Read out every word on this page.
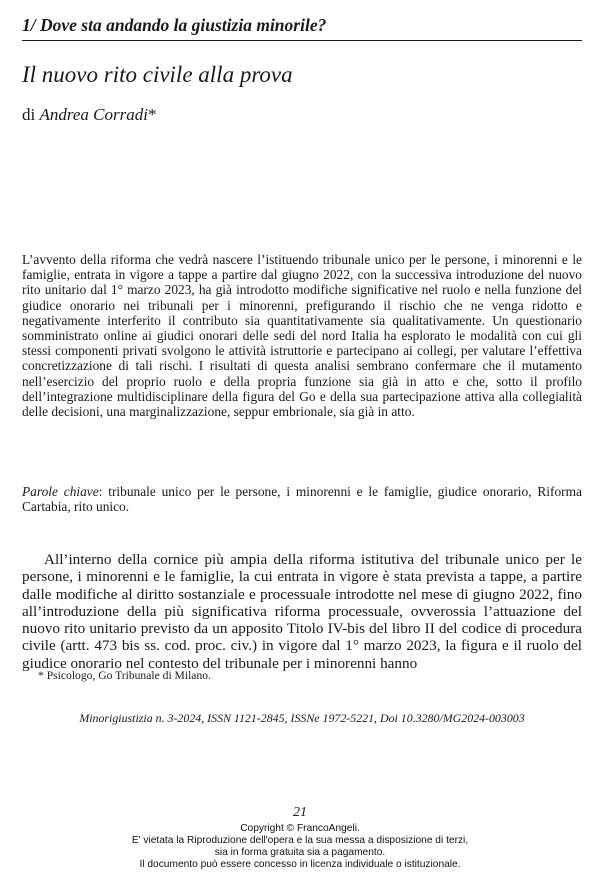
1/ Dove sta andando la giustizia minorile?
Il nuovo rito civile alla prova
di Andrea Corradi*

L’avvento della riforma che vedrà nascere l’istituendo tribunale unico per le persone, i minorenni e le famiglie, entrata in vigore a tappe a partire dal giugno 2022, con la successiva introduzione del nuovo rito unitario dal 1° marzo 2023, ha già introdotto modifiche significative nel ruolo e nella funzione del giudice onorario nei tribunali per i minorenni, prefigurando il rischio che ne venga ridotto e negativamente interferito il contributo sia quantitativamente sia qualitativamente. Un questionario somministrato online ai giudici onorari delle sedi del nord Italia ha esplorato le modalità con cui gli stessi componenti privati svolgono le attività istruttorie e partecipano ai collegi, per valutare l’effettiva concretizzazione di tali rischi. I risultati di questa analisi sembrano confermare che il mutamento nell’esercizio del proprio ruolo e della propria funzione sia già in atto e che, sotto il profilo dell’integrazione multidisciplinare della figura del Go e della sua partecipazione attiva alla collegialità delle decisioni, una marginalizzazione, seppur embrionale, sia già in atto.

Parole chiave: tribunale unico per le persone, i minorenni e le famiglie, giudice onorario, Riforma Cartabia, rito unico.

All’interno della cornice più ampia della riforma istitutiva del tribunale unico per le persone, i minorenni e le famiglie, la cui entrata in vigore è stata prevista a tappe, a partire dalle modifiche al diritto sostanziale e processuale introdotte nel mese di giugno 2022, fino all’introduzione della più significativa riforma processuale, ovverossia l’attuazione del nuovo rito unitario previsto da un apposito Titolo IV-bis del libro II del codice di procedura civile (artt. 473 bis ss. cod. proc. civ.) in vigore dal 1° marzo 2023, la figura e il ruolo del giudice onorario nel contesto del tribunale per i minorenni hanno

* Psicologo, Go Tribunale di Milano.
Minorigiustizia n. 3-2024, ISSN 1121-2845, ISSNe 1972-5221, Doi 10.3280/MG2024-003003
21
Copyright © FrancoAngeli.
E' vietata la Riproduzione dell'opera e la sua messa a disposizione di terzi,
sia in forma gratuita sia a pagamento.
Il documento può essere concesso in licenza individuale o istituzionale.
